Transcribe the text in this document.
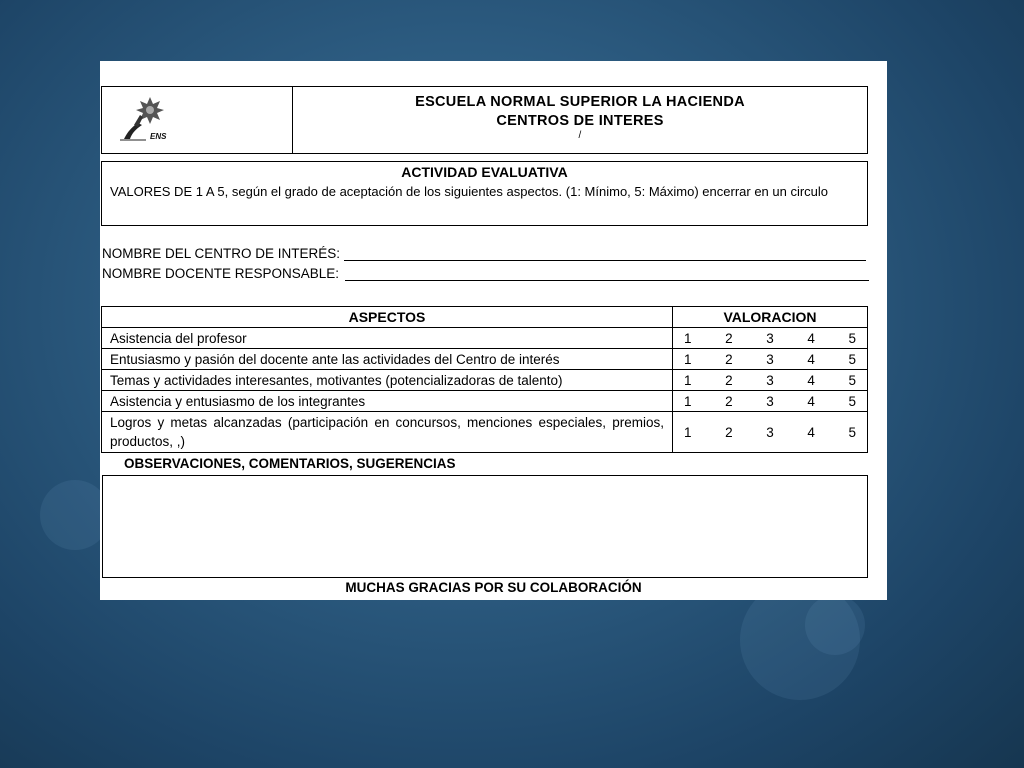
ENS
ESCUELA NORMAL SUPERIOR LA HACIENDA
CENTROS DE INTERES
/
ACTIVIDAD EVALUATIVA
VALORES DE 1 A 5, según el grado de aceptación de los siguientes aspectos. (1: Mínimo, 5: Máximo) encerrar en un circulo
NOMBRE DEL CENTRO DE INTERÉS:
NOMBRE DOCENTE RESPONSABLE:
ASPECTOS	VALORACION
Asistencia del profesor	1 2 3 4 5

Entusiasmo y pasión del docente ante las actividades del Centro de interés	1 2 3 4 5

Temas y actividades interesantes, motivantes (potencializadoras de talento)	1 2 3 4 5

Asistencia y entusiasmo de los integrantes	1 2 3 4 5

Logros y metas alcanzadas (participación en concursos, menciones especiales, premios, productos, ,)	1 2 3 4 5
OBSERVACIONES, COMENTARIOS, SUGERENCIAS
MUCHAS GRACIAS POR SU COLABORACIÓN
